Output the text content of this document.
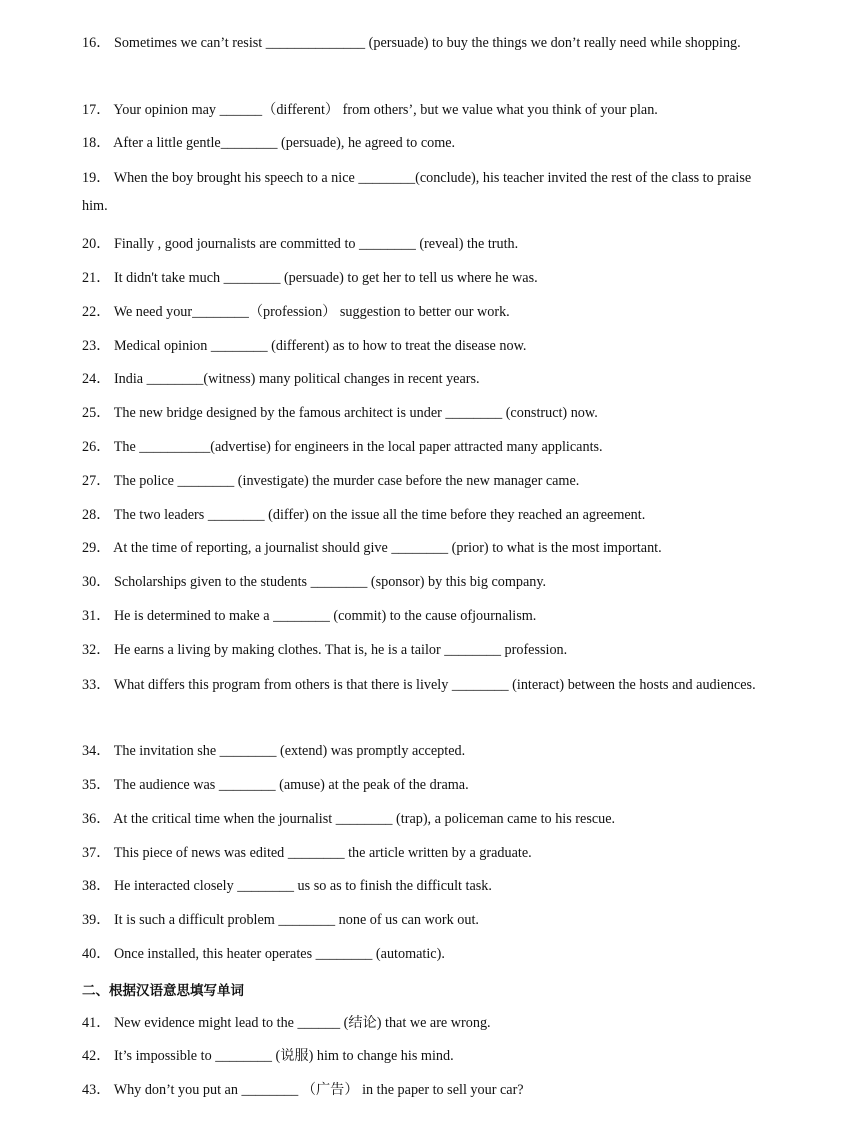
16． Sometimes we can’t resist ______________ (persuade) to buy the things we don’t really need while shopping.
17． Your opinion may ______（different） from others’, but we value what you think of your plan.
18． After a little gentle________ (persuade), he agreed to come.
19． When the boy brought his speech to a nice ________(conclude), his teacher invited the rest of the class to praise him.
20． Finally , good journalists are committed to ________ (reveal) the truth.
21． It didn't take much ________ (persuade) to get her to tell us where he was.
22． We need your________（profession） suggestion to better our work.
23． Medical opinion ________ (different) as to how to treat the disease now.
24． India ________(witness) many political changes in recent years.
25． The new bridge designed by the famous architect is under ________ (construct) now.
26． The __________(advertise) for engineers in the local paper attracted many applicants.
27． The police ________ (investigate) the murder case before the new manager came.
28． The two leaders ________ (differ) on the issue all the time before they reached an agreement.
29． At the time of reporting, a journalist should give ________ (prior) to what is the most important.
30． Scholarships given to the students ________ (sponsor) by this big company.
31． He is determined to make a ________ (commit) to the cause ofjournalism.
32． He earns a living by making clothes. That is, he is a tailor ________ profession.
33． What differs this program from others is that there is lively ________ (interact) between the hosts and audiences.
34． The invitation she ________ (extend) was promptly accepted.
35． The audience was ________ (amuse) at the peak of the drama.
36． At the critical time when the journalist ________ (trap), a policeman came to his rescue.
37． This piece of news was edited ________ the article written by a graduate.
38． He interacted closely ________ us so as to finish the difficult task.
39． It is such a difficult problem ________ none of us can work out.
40． Once installed, this heater operates ________ (automatic).
二、根据汉语意思填写单词
41． New evidence might lead to the ______ (结论) that we are wrong.
42． It’s impossible to ________ (说服) him to change his mind.
43． Why don’t you put an ________ （广告） in the paper to sell your car?
